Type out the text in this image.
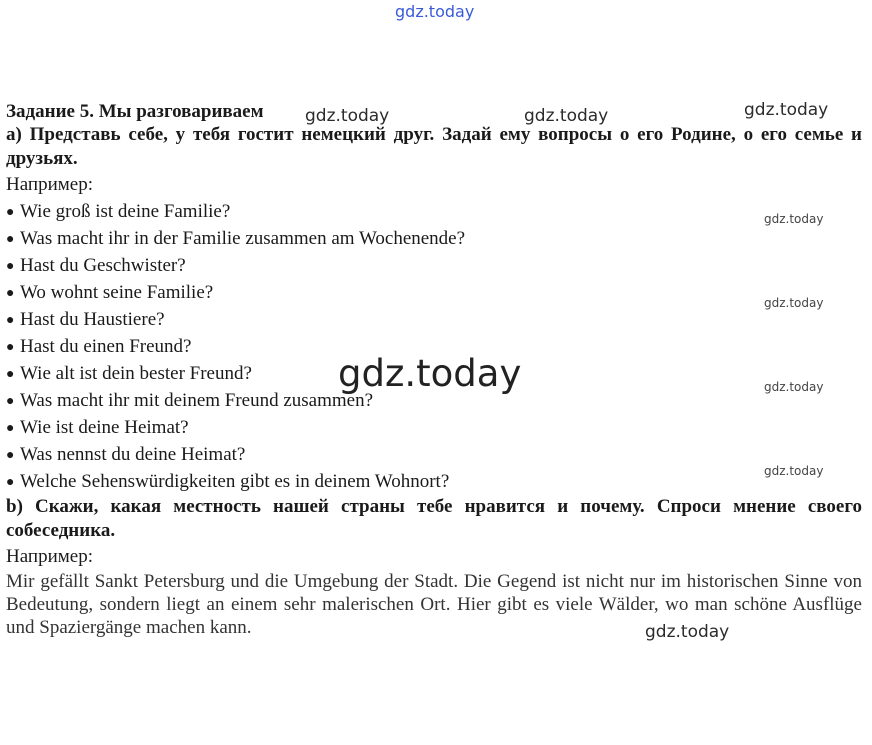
gdz.today
gdz.today	gdz.today	gdz.today
Задание 5. Мы разговариваем
а) Представь себе, у тебя гостит немецкий друг. Задай ему вопросы о его Родине, о его семье и друзьях.
Например:
● Wie groß ist deine Familie?
● Was macht ihr in der Familie zusammen am Wochenende?
● Hast du Geschwister?
● Wo wohnt seine Familie?
● Hast du Haustiere?
● Hast du einen Freund?
● Wie alt ist dein bester Freund?
● Was macht ihr mit deinem Freund zusammen?
● Wie ist deine Heimat?
● Was nennst du deine Heimat?
● Welche Sehenswürdigkeiten gibt es in deinem Wohnort?
b) Скажи, какая местность нашей страны тебе нравится и почему. Спроси мнение своего собеседника.
Например:
Mir gefällt Sankt Petersburg und die Umgebung der Stadt. Die Gegend ist nicht nur im historischen Sinne von Bedeutung, sondern liegt an einem sehr malerischen Ort. Hier gibt es viele Wälder, wo man schöne Ausflüge und Spaziergänge machen kann.
gdz.today
gdz.today
gdz.today
gdz.today
gdz.today
gdz.today
